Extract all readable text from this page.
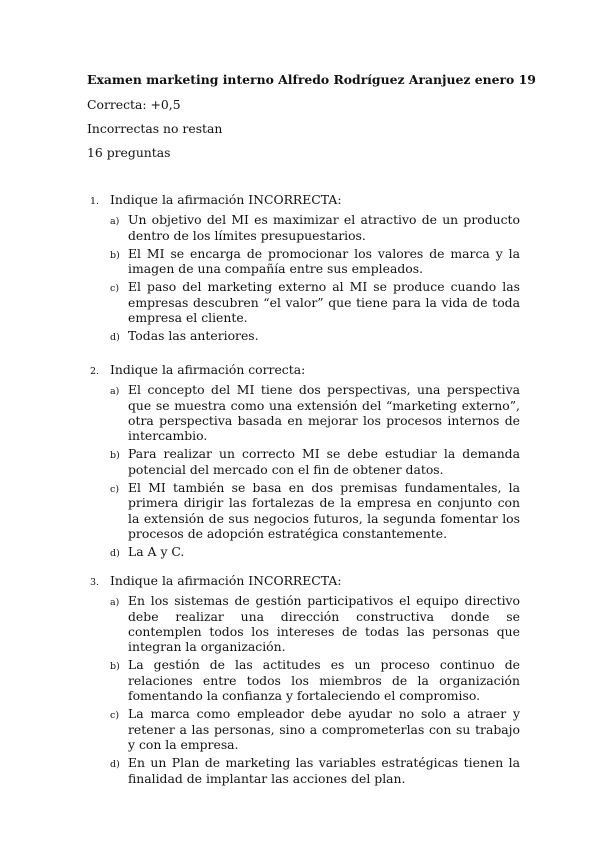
Examen marketing interno Alfredo Rodríguez Aranjuez enero 19
Correcta: +0,5
Incorrectas no restan
16 preguntas
1. Indique la afirmación INCORRECTA:
a) Un objetivo del MI es maximizar el atractivo de un producto dentro de los límites presupuestarios.
b) El MI se encarga de promocionar los valores de marca y la imagen de una compañía entre sus empleados.
c) El paso del marketing externo al MI se produce cuando las empresas descubren “el valor” que tiene para la vida de toda empresa el cliente.
d) Todas las anteriores.
2. Indique la afirmación correcta:
a) El concepto del MI tiene dos perspectivas, una perspectiva que se muestra como una extensión del “marketing externo”, otra perspectiva basada en mejorar los procesos internos de intercambio.
b) Para realizar un correcto MI se debe estudiar la demanda potencial del mercado con el fin de obtener datos.
c) El MI también se basa en dos premisas fundamentales, la primera dirigir las fortalezas de la empresa en conjunto con la extensión de sus negocios futuros, la segunda fomentar los procesos de adopción estratégica constantemente.
d) La A y C.
3. Indique la afirmación INCORRECTA:
a) En los sistemas de gestión participativos el equipo directivo debe realizar una dirección constructiva donde se contemplen todos los intereses de todas las personas que integran la organización.
b) La gestión de las actitudes es un proceso continuo de relaciones entre todos los miembros de la organización fomentando la confianza y fortaleciendo el compromiso.
c) La marca como empleador debe ayudar no solo a atraer y retener a las personas, sino a comprometerlas con su trabajo y con la empresa.
d) En un Plan de marketing las variables estratégicas tienen la finalidad de implantar las acciones del plan.
